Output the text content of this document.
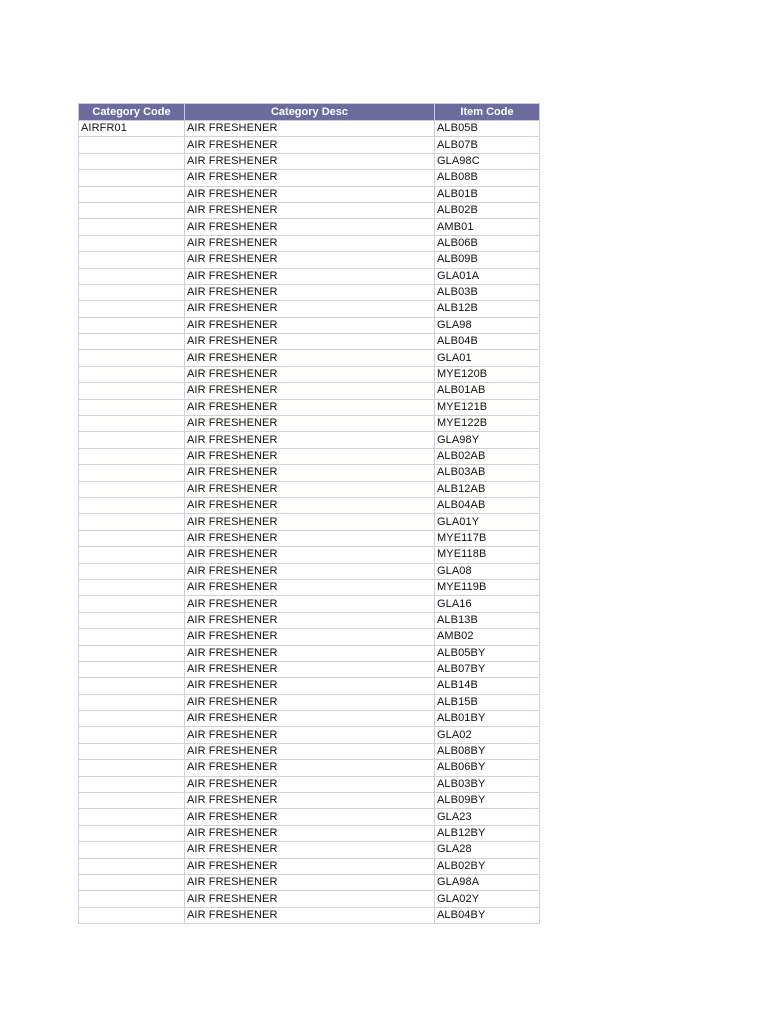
Category Code	Category Desc	Item Code
AIRFR01	AIR FRESHENER	ALB05B
	AIR FRESHENER	ALB07B
	AIR FRESHENER	GLA98C
	AIR FRESHENER	ALB08B
	AIR FRESHENER	ALB01B
	AIR FRESHENER	ALB02B
	AIR FRESHENER	AMB01
	AIR FRESHENER	ALB06B
	AIR FRESHENER	ALB09B
	AIR FRESHENER	GLA01A
	AIR FRESHENER	ALB03B
	AIR FRESHENER	ALB12B
	AIR FRESHENER	GLA98
	AIR FRESHENER	ALB04B
	AIR FRESHENER	GLA01
	AIR FRESHENER	MYE120B
	AIR FRESHENER	ALB01AB
	AIR FRESHENER	MYE121B
	AIR FRESHENER	MYE122B
	AIR FRESHENER	GLA98Y
	AIR FRESHENER	ALB02AB
	AIR FRESHENER	ALB03AB
	AIR FRESHENER	ALB12AB
	AIR FRESHENER	ALB04AB
	AIR FRESHENER	GLA01Y
	AIR FRESHENER	MYE117B
	AIR FRESHENER	MYE118B
	AIR FRESHENER	GLA08
	AIR FRESHENER	MYE119B
	AIR FRESHENER	GLA16
	AIR FRESHENER	ALB13B
	AIR FRESHENER	AMB02
	AIR FRESHENER	ALB05BY
	AIR FRESHENER	ALB07BY
	AIR FRESHENER	ALB14B
	AIR FRESHENER	ALB15B
	AIR FRESHENER	ALB01BY
	AIR FRESHENER	GLA02
	AIR FRESHENER	ALB08BY
	AIR FRESHENER	ALB06BY
	AIR FRESHENER	ALB03BY
	AIR FRESHENER	ALB09BY
	AIR FRESHENER	GLA23
	AIR FRESHENER	ALB12BY
	AIR FRESHENER	GLA28
	AIR FRESHENER	ALB02BY
	AIR FRESHENER	GLA98A
	AIR FRESHENER	GLA02Y
	AIR FRESHENER	ALB04BY
